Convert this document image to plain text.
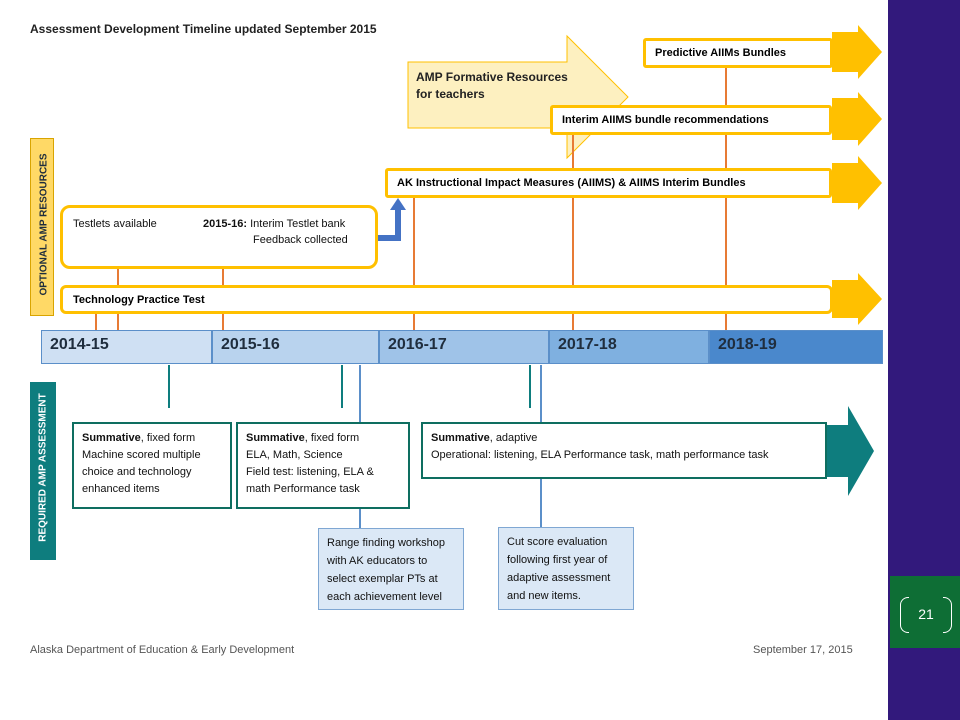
Assessment Development Timeline updated September 2015
OPTIONAL AMP RESOURCES
REQUIRED AMP ASSESSMENT
Predictive AIIMs Bundles
AMP Formative Resources
for teachers
Interim AIIMS bundle recommendations
AK Instructional Impact Measures (AIIMS) & AIIMS Interim Bundles
Testlets available	2015-16: Interim Testlet bank
Feedback collected
Technology Practice Test
2014-15	2015-16	2016-17	2017-18	2018-19
Summative, fixed form
Machine scored multiple
choice and technology
enhanced items
Summative, fixed form
ELA, Math, Science
Field test: listening, ELA &
math Performance task
Summative, adaptive
Operational: listening, ELA Performance task, math performance task
Range finding workshop
with AK educators to
select exemplar PTs at
each achievement level
Cut score evaluation
following first year of
adaptive assessment
and new items.
Alaska Department of Education & Early Development	September 17, 2015
21
